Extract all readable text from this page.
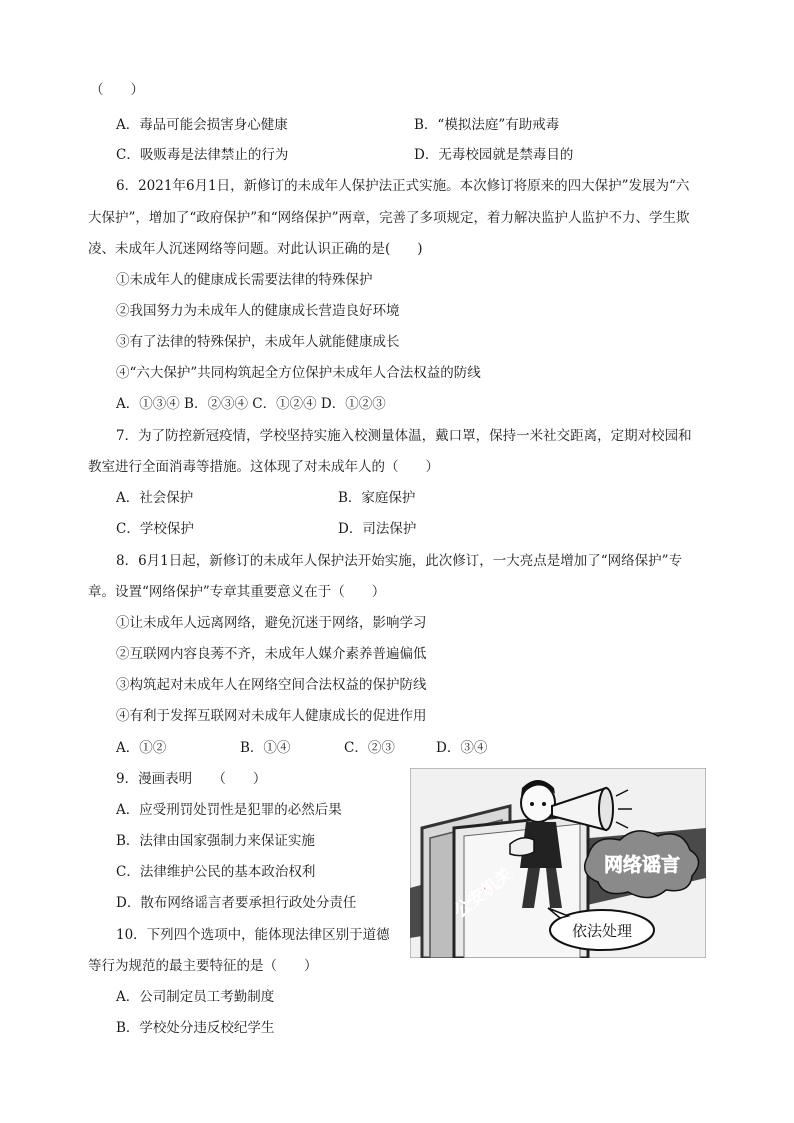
（　　）
A．毒品可能会损害身心健康	B．“模拟法庭”有助戒毒
C．吸贩毒是法律禁止的行为	D．无毒校园就是禁毒目的
6．2021年6月1日，新修订的未成年人保护法正式实施。本次修订将原来的四大保护”发展为“六
大保护”，增加了“政府保护”和“网络保护”两章，完善了多项规定，着力解决监护人监护不力、学生欺
凌、未成年人沉迷网络等问题。对此认识正确的是(　　)
①未成年人的健康成长需要法律的特殊保护
②我国努力为未成年人的健康成长营造良好环境
③有了法律的特殊保护，未成年人就能健康成长
④“六大保护”共同构筑起全方位保护未成年人合法权益的防线
A．①③④ B．②③④ C．①②④ D．①②③
7．为了防控新冠疫情，学校坚持实施入校测量体温，戴口罩，保持一米社交距离，定期对校园和
教室进行全面消毒等措施。这体现了对未成年人的（　　）
A．社会保护	B．家庭保护
C．学校保护	D．司法保护
8．6月1日起，新修订的未成年人保护法开始实施，此次修订，一大亮点是增加了“网络保护”专
章。设置“网络保护”专章其重要意义在于（　　）
①让未成年人远离网络，避免沉迷于网络，影响学习
②互联网内容良莠不齐，未成年人媒介素养普遍偏低
③构筑起对未成年人在网络空间合法权益的保护防线
④有利于发挥互联网对未成年人健康成长的促进作用
A．①②	B．①④	C．②③	D．③④
9．漫画表明　　（　　）
A．应受刑罚处罚性是犯罪的必然后果
B．法律由国家强制力来保证实施
C．法律维护公民的基本政治权利
D．散布网络谣言者要承担行政处分责任	公安机关	网络谣言
依法处理
10．下列四个选项中，能体现法律区别于道德
等行为规范的最主要特征的是（　　）
A．公司制定员工考勤制度
B．学校处分违反校纪学生
